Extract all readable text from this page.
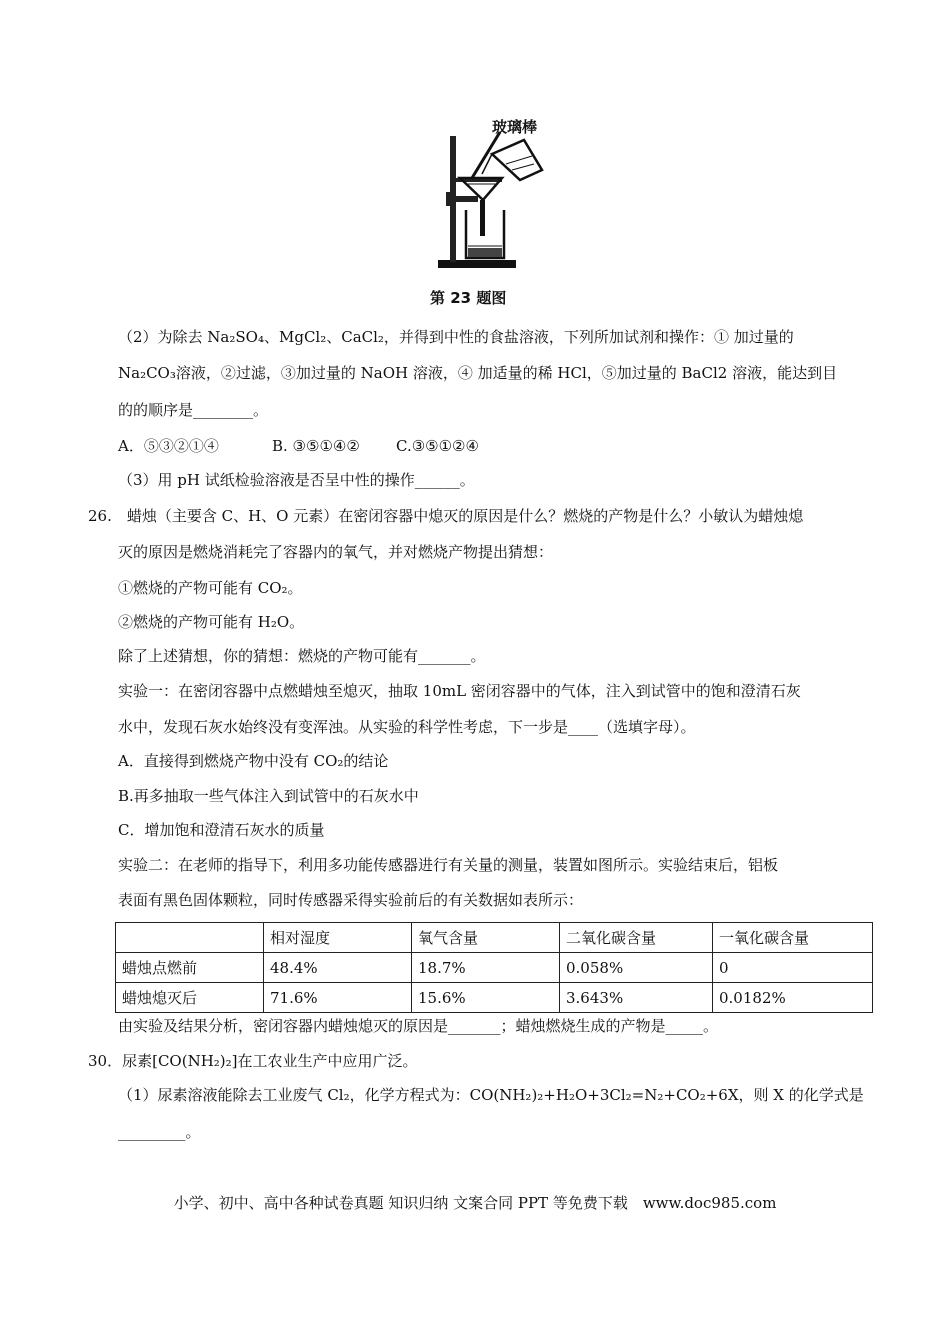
玻璃棒
第 23 题图
（2）为除去 Na₂SO₄、MgCl₂、CaCl₂，并得到中性的食盐溶液，下列所加试剂和操作：① 加过量的
Na₂CO₃溶液，②过滤，③加过量的 NaOH 溶液，④ 加适量的稀 HCl，⑤加过量的 BaCl2 溶液，能达到目
的的顺序是________。
A．⑤③②①④	B. ③⑤①④② C.③⑤①②④
（3）用 pH 试纸检验溶液是否呈中性的操作______。
26.　蜡烛（主要含 C、H、O 元素）在密闭容器中熄灭的原因是什么？燃烧的产物是什么？小敏认为蜡烛熄
灭的原因是燃烧消耗完了容器内的氧气，并对燃烧产物提出猜想：
①燃烧的产物可能有 CO₂。
②燃烧的产物可能有 H₂O。
除了上述猜想，你的猜想：燃烧的产物可能有_______。
实验一：在密闭容器中点燃蜡烛至熄灭，抽取 10mL 密闭容器中的气体，注入到试管中的饱和澄清石灰
水中，发现石灰水始终没有变浑浊。从实验的科学性考虑，下一步是____（选填字母）。
A．直接得到燃烧产物中没有 CO₂的结论
B.再多抽取一些气体注入到试管中的石灰水中
C．增加饱和澄清石灰水的质量
实验二：在老师的指导下，利用多功能传感器进行有关量的测量，装置如图所示。实验结束后，铝板
表面有黑色固体颗粒，同时传感器采得实验前后的有关数据如表所示：
	相对湿度	氧气含量	二氧化碳含量	一氧化碳含量
蜡烛点燃前	48.4%	18.7%	0.058%	0
蜡烛熄灭后	71.6%	15.6%	3.643%	0.0182%
由实验及结果分析，密闭容器内蜡烛熄灭的原因是_______；蜡烛燃烧生成的产物是_____。
30．尿素[CO(NH₂)₂]在工农业生产中应用广泛。
（1）尿素溶液能除去工业废气 Cl₂，化学方程式为：CO(NH₂)₂+H₂O+3Cl₂=N₂+CO₂+6X，则 X 的化学式是
_________。
小学、初中、高中各种试卷真题 知识归纳 文案合同 PPT 等免费下载　www.doc985.com
